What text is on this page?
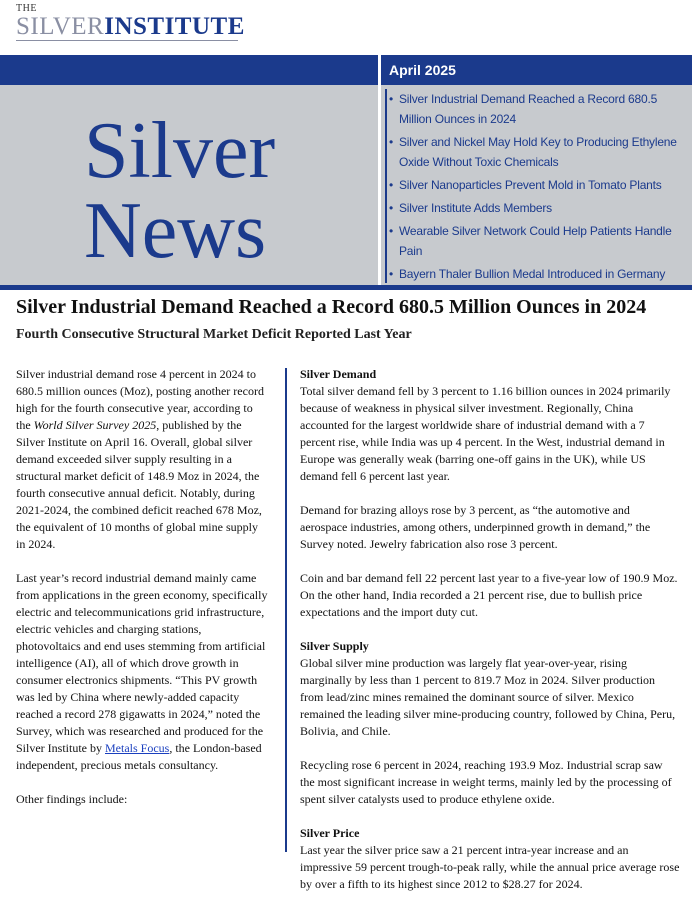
THE
SILVERINSTITUTE
Silver
News
April 2025
• Silver Industrial Demand Reached a Record 680.5 Million Ounces in 2024
• Silver and Nickel May Hold Key to Producing Ethylene Oxide Without Toxic Chemicals
• Silver Nanoparticles Prevent Mold in Tomato Plants
• Silver Institute Adds Members
• Wearable Silver Network Could Help Patients Handle Pain
• Bayern Thaler Bullion Medal Introduced in Germany
Silver Industrial Demand Reached a Record 680.5 Million Ounces in 2024
Fourth Consecutive Structural Market Deficit Reported Last Year

Silver industrial demand rose 4 percent in 2024 to 680.5 million ounces (Moz), posting another record high for the fourth consecutive year, according to the World Silver Survey 2025, published by the Silver Institute on April 16. Overall, global silver demand exceeded silver supply resulting in a structural market deficit of 148.9 Moz in 2024, the fourth consecutive annual deficit. Notably, during 2021-2024, the combined deficit reached 678 Moz, the equivalent of 10 months of global mine supply in 2024.

Last year’s record industrial demand mainly came from applications in the green economy, specifically electric and telecommunications grid infrastructure, electric vehicles and charging stations, photovoltaics and end uses stemming from artificial intelligence (AI), all of which drove growth in consumer electronics shipments. “This PV growth was led by China where newly-added capacity reached a record 278 gigawatts in 2024,” noted the Survey, which was researched and produced for the Silver Institute by Metals Focus, the London-based independent, precious metals consultancy.

Other findings include:

Silver Demand

Total silver demand fell by 3 percent to 1.16 billion ounces in 2024 primarily because of weakness in physical silver investment. Regionally, China accounted for the largest worldwide share of industrial demand with a 7 percent rise, while India was up 4 percent. In the West, industrial demand in Europe was generally weak (barring one-off gains in the UK), while US demand fell 6 percent last year.

Demand for brazing alloys rose by 3 percent, as “the automotive and aerospace industries, among others, underpinned growth in demand,” the Survey noted. Jewelry fabrication also rose 3 percent.

Coin and bar demand fell 22 percent last year to a five-year low of 190.9 Moz. On the other hand, India recorded a 21 percent rise, due to bullish price expectations and the import duty cut.

Silver Supply

Global silver mine production was largely flat year-over-year, rising marginally by less than 1 percent to 819.7 Moz in 2024. Silver production from lead/zinc mines remained the dominant source of silver. Mexico remained the leading silver mine-producing country, followed by China, Peru, Bolivia, and Chile.

Recycling rose 6 percent in 2024, reaching 193.9 Moz. Industrial scrap saw the most significant increase in weight terms, mainly led by the processing of spent silver catalysts used to produce ethylene oxide.

Silver Price

Last year the silver price saw a 21 percent intra-year increase and an impressive 59 percent trough-to-peak rally, while the annual price average rose by over a fifth to its highest since 2012 to $28.27 for 2024.
